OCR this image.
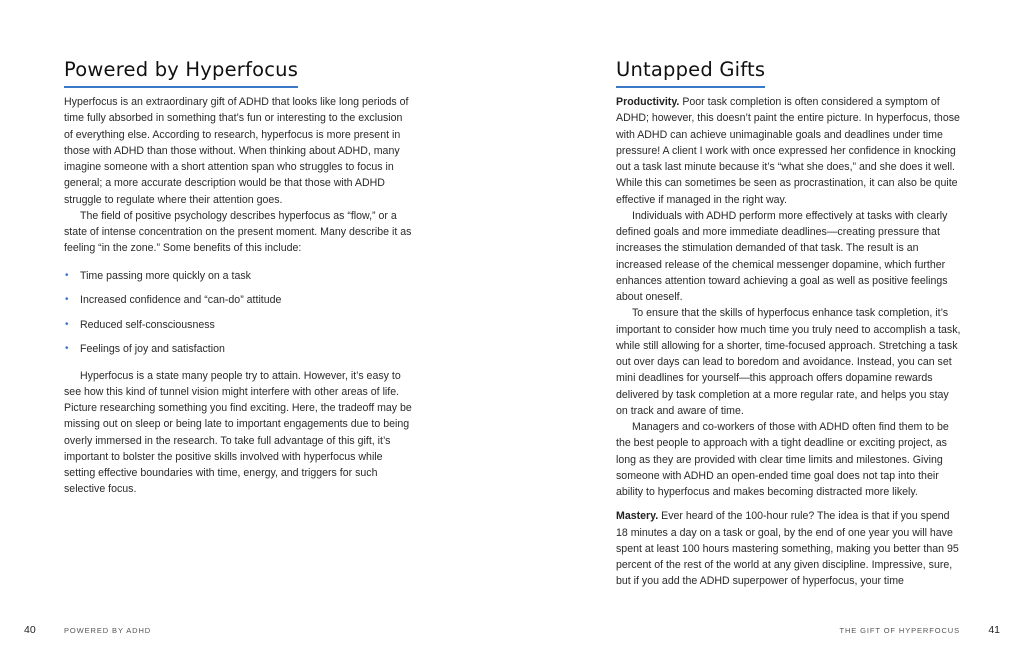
Powered by Hyperfocus

Hyperfocus is an extraordinary gift of ADHD that looks like long periods of time fully absorbed in something that’s fun or interesting to the exclusion of everything else. According to research, hyperfocus is more present in those with ADHD than those without. When thinking about ADHD, many imagine someone with a short attention span who struggles to focus in general; a more accurate description would be that those with ADHD struggle to regulate where their attention goes.

The field of positive psychology describes hyperfocus as “flow,” or a state of intense concentration on the present moment. Many describe it as feeling “in the zone.” Some benefits of this include:

• Time passing more quickly on a task
• Increased confidence and “can-do” attitude
• Reduced self-consciousness
• Feelings of joy and satisfaction

Hyperfocus is a state many people try to attain. However, it’s easy to see how this kind of tunnel vision might interfere with other areas of life. Picture researching something you find exciting. Here, the tradeoff may be missing out on sleep or being late to important engagements due to being overly immersed in the research. To take full advantage of this gift, it’s important to bolster the positive skills involved with hyperfocus while setting effective boundaries with time, energy, and triggers for such selective focus.

40	POWERED BY ADHD
Untapped Gifts

Productivity. Poor task completion is often considered a symptom of ADHD; however, this doesn’t paint the entire picture. In hyperfocus, those with ADHD can achieve unimaginable goals and deadlines under time pressure! A client I work with once expressed her confidence in knocking out a task last minute because it’s “what she does,” and she does it well. While this can sometimes be seen as procrastination, it can also be quite effective if managed in the right way.

Individuals with ADHD perform more effectively at tasks with clearly defined goals and more immediate deadlines—creating pressure that increases the stimulation demanded of that task. The result is an increased release of the chemical messenger dopamine, which further enhances attention toward achieving a goal as well as positive feelings about oneself.

To ensure that the skills of hyperfocus enhance task completion, it’s important to consider how much time you truly need to accomplish a task, while still allowing for a shorter, time-focused approach. Stretching a task out over days can lead to boredom and avoidance. Instead, you can set mini deadlines for yourself—this approach offers dopamine rewards delivered by task completion at a more regular rate, and helps you stay on track and aware of time.

Managers and co-workers of those with ADHD often find them to be the best people to approach with a tight deadline or exciting project, as long as they are provided with clear time limits and milestones. Giving someone with ADHD an open-ended time goal does not tap into their ability to hyperfocus and makes becoming distracted more likely.

Mastery. Ever heard of the 100-hour rule? The idea is that if you spend 18 minutes a day on a task or goal, by the end of one year you will have spent at least 100 hours mastering something, making you better than 95 percent of the rest of the world at any given discipline. Impressive, sure, but if you add the ADHD superpower of hyperfocus, your time

THE GIFT OF HYPERFOCUS	41
